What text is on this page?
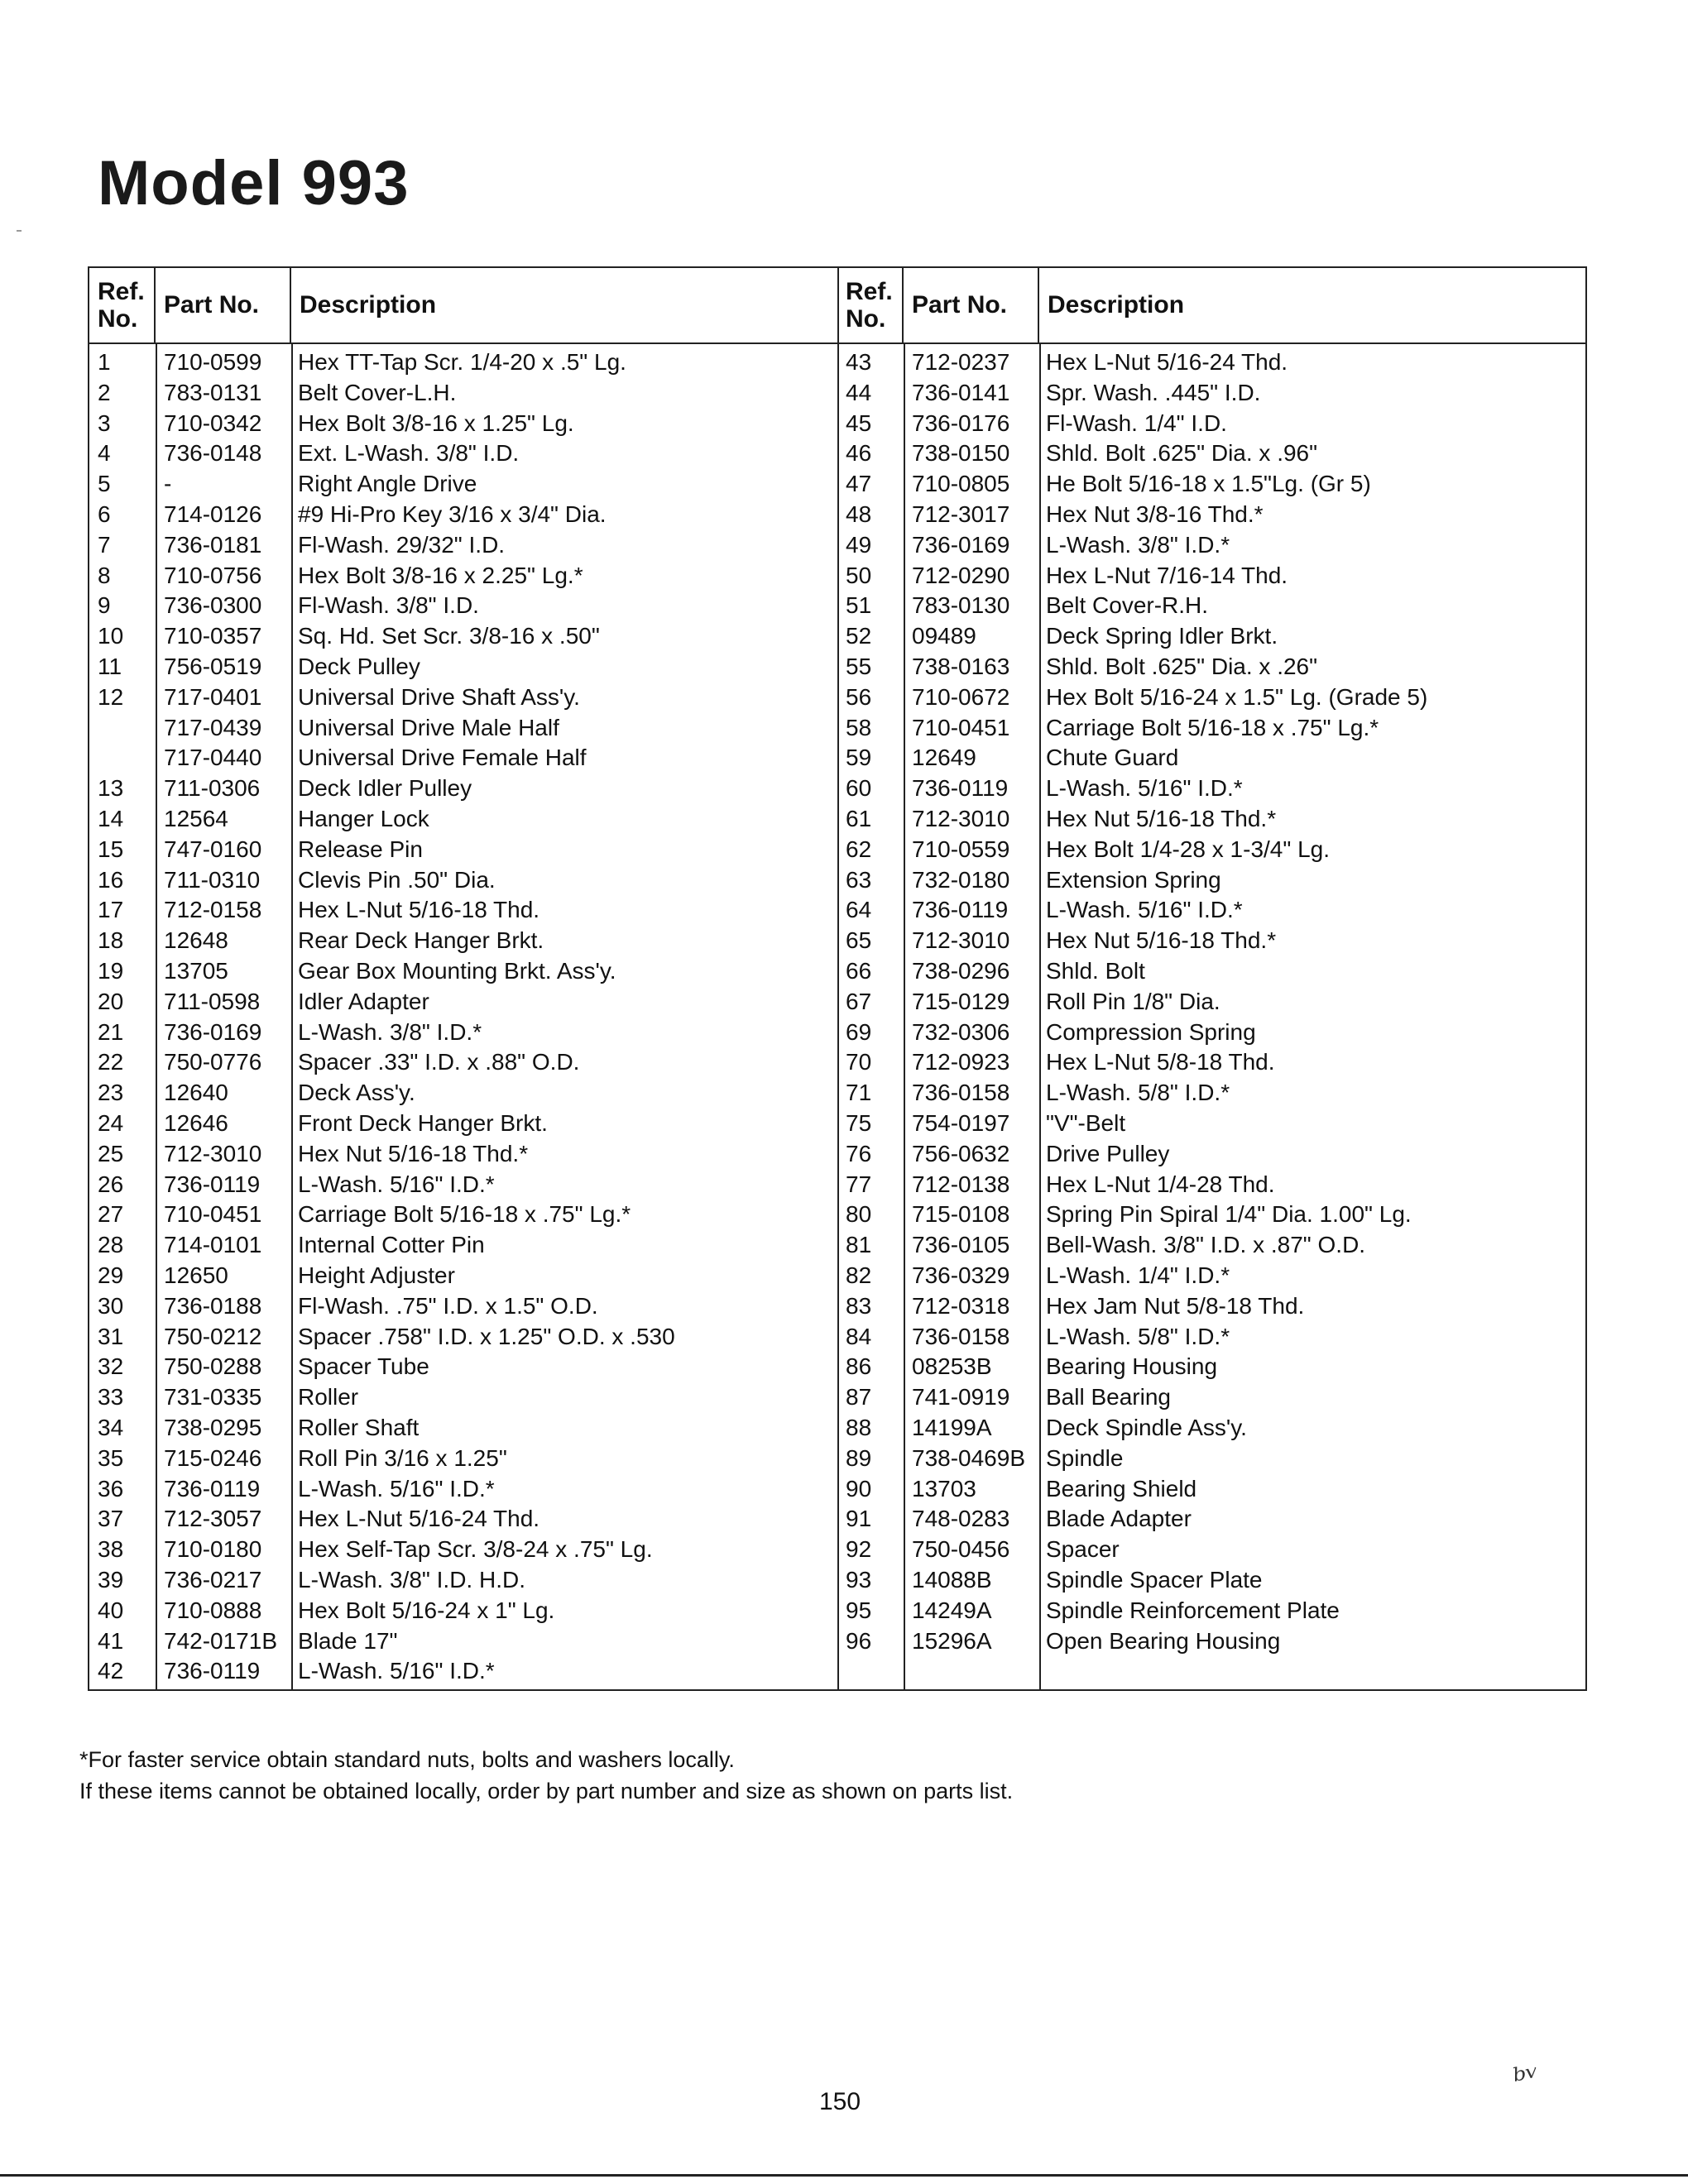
Model 993
Ref.
No.
Part No.	Description
1	710-0599	Hex TT-Tap Scr. 1/4-20 x .5" Lg.
2	783-0131	Belt Cover-L.H.
3	710-0342	Hex Bolt 3/8-16 x 1.25" Lg.
4	736-0148	Ext. L-Wash. 3/8" I.D.
5	-	Right Angle Drive
6	714-0126	#9 Hi-Pro Key 3/16 x 3/4" Dia.
7	736-0181	Fl-Wash. 29/32" I.D.
8	710-0756	Hex Bolt 3/8-16 x 2.25" Lg.*
9	736-0300	Fl-Wash. 3/8" I.D.
10	710-0357	Sq. Hd. Set Scr. 3/8-16 x .50"
11	756-0519	Deck Pulley
12	717-0401	Universal Drive Shaft Ass'y.
717-0439	Universal Drive Male Half
717-0440	Universal Drive Female Half
13	711-0306	Deck Idler Pulley
14	12564	Hanger Lock
15	747-0160	Release Pin
16	711-0310	Clevis Pin .50" Dia.
17	712-0158	Hex L-Nut 5/16-18 Thd.
18	12648	Rear Deck Hanger Brkt.
19	13705	Gear Box Mounting Brkt. Ass'y.
20	711-0598	Idler Adapter
21	736-0169	L-Wash. 3/8" I.D.*
22	750-0776	Spacer .33" I.D. x .88" O.D.
23	12640	Deck Ass'y.
24	12646	Front Deck Hanger Brkt.
25	712-3010	Hex Nut 5/16-18 Thd.*
26	736-0119	L-Wash. 5/16" I.D.*
27	710-0451	Carriage Bolt 5/16-18 x .75" Lg.*
28	714-0101	Internal Cotter Pin
29	12650	Height Adjuster
30	736-0188	Fl-Wash. .75" I.D. x 1.5" O.D.
31	750-0212	Spacer .758" I.D. x 1.25" O.D. x .530
32	750-0288	Spacer Tube
33	731-0335	Roller
34	738-0295	Roller Shaft
35	715-0246	Roll Pin 3/16 x 1.25"
36	736-0119	L-Wash. 5/16" I.D.*
37	712-3057	Hex L-Nut 5/16-24 Thd.
38	710-0180	Hex Self-Tap Scr. 3/8-24 x .75" Lg.
39	736-0217	L-Wash. 3/8" I.D. H.D.
40	710-0888	Hex Bolt 5/16-24 x 1" Lg.
41	742-0171B Blade 17"
42	736-0119	L-Wash. 5/16" I.D.*
Ref.
No.
Part No.	Description
43	712-0237	Hex L-Nut 5/16-24 Thd.
44	736-0141	Spr. Wash. .445" I.D.
45	736-0176	Fl-Wash. 1/4" I.D.
46	738-0150	Shld. Bolt .625" Dia. x .96"
47	710-0805	He Bolt 5/16-18 x 1.5"Lg. (Gr 5)
48	712-3017	Hex Nut 3/8-16 Thd.*
49	736-0169	L-Wash. 3/8" I.D.*
50	712-0290	Hex L-Nut 7/16-14 Thd.
51	783-0130	Belt Cover-R.H.
52	09489	Deck Spring Idler Brkt.
55	738-0163	Shld. Bolt .625" Dia. x .26"
56	710-0672	Hex Bolt 5/16-24 x 1.5" Lg. (Grade 5)
58	710-0451	Carriage Bolt 5/16-18 x .75" Lg.*
59	12649	Chute Guard
60	736-0119	L-Wash. 5/16" I.D.*
61	712-3010	Hex Nut 5/16-18 Thd.*
62	710-0559	Hex Bolt 1/4-28 x 1-3/4" Lg.
63	732-0180	Extension Spring
64	736-0119	L-Wash. 5/16" I.D.*
65	712-3010	Hex Nut 5/16-18 Thd.*
66	738-0296	Shld. Bolt
67	715-0129	Roll Pin 1/8" Dia.
69	732-0306	Compression Spring
70	712-0923	Hex L-Nut 5/8-18 Thd.
71	736-0158	L-Wash. 5/8" I.D.*
75	754-0197	"V"-Belt
76	756-0632	Drive Pulley
77	712-0138	Hex L-Nut 1/4-28 Thd.
80	715-0108	Spring Pin Spiral 1/4" Dia. 1.00" Lg.
81	736-0105	Bell-Wash. 3/8" I.D. x .87" O.D.
82	736-0329	L-Wash. 1/4" I.D.*
83	712-0318	Hex Jam Nut 5/8-18 Thd.
84	736-0158	L-Wash. 5/8" I.D.*
86	08253B	Bearing Housing
87	741-0919	Ball Bearing
88	14199A	Deck Spindle Ass'y.
89	738-0469B Spindle
90	13703	Bearing Shield
91	748-0283	Blade Adapter
92	750-0456	Spacer
93	14088B	Spindle Spacer Plate
95	14249A	Spindle Reinforcement Plate
96	15296A	Open Bearing Housing
*For faster service obtain standard nuts, bolts and washers locally.
If these items cannot be obtained locally, order by part number and size as shown on parts list.
150
ᵇᵛ
